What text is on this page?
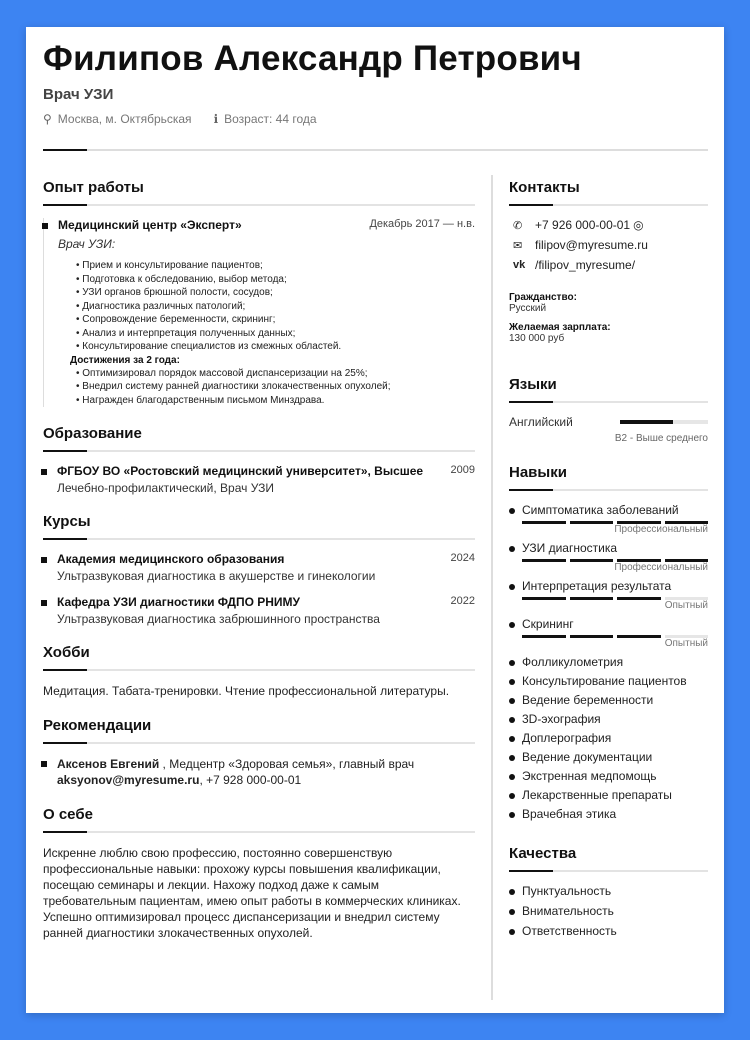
Филипов Александр Петрович
Врач УЗИ
⚲ Москва, м. Октябрьская ℹ Возраст: 44 года
Опыт работы
Медицинский центр «Эксперт»	Декабрь 2017 — н.в.
Врач УЗИ:
• Прием и консультирование пациентов;
• Подготовка к обследованию, выбор метода;
• УЗИ органов брюшной полости, сосудов;
• Диагностика различных патологий;
• Сопровождение беременности, скрининг;
• Анализ и интерпретация полученных данных;
• Консультирование специалистов из смежных областей.
Достижения за 2 года:
• Оптимизировал порядок массовой диспансеризации на 25%;
• Внедрил систему ранней диагностики злокачественных опухолей;
• Награжден благодарственным письмом Минздрава.
Образование
ФГБОУ ВО «Ростовский медицинский университет», Высшее 2009
Лечебно-профилактический, Врач УЗИ
Курсы
Академия медицинского образования	2024
Ультразвуковая диагностика в акушерстве и гинекологии
Кафедра УЗИ диагностики ФДПО РНИМУ	2022
Ультразвуковая диагностика забрюшинного пространства
Хобби
Медитация. Табата-тренировки. Чтение профессиональной литературы.
Рекомендации
Аксенов Евгений , Медцентр «Здоровая семья», главный врач
aksyonov@myresume.ru, +7 928 000-00-01
О себе
Искренне люблю свою профессию, постоянно совершенствую профессиональные навыки: прохожу курсы повышения квалификации, посещаю семинары и лекции. Нахожу подход даже к самым требовательным пациентам, имею опыт работы в коммерческих клиниках. Успешно оптимизировал процесс диспансеризации и внедрил систему ранней диагностики злокачественных опухолей.
Контакты
✆	+7 926 000-00-01 ◎
✉	filipov@myresume.ru
vk /filipov_myresume/
Гражданство:
Русский
Желаемая зарплата:
130 000 руб
Языки
Английский
B2 - Выше среднего
Навыки
Симптоматика заболеваний
Профессиональный
УЗИ диагностика
Профессиональный
Интерпретация результата
Опытный
Скрининг
Опытный
Фолликулометрия
Консультирование пациентов
Ведение беременности
3D-эхография
Доплерография
Ведение документации
Экстренная медпомощь
Лекарственные препараты
Врачебная этика
Качества
Пунктуальность
Внимательность
Ответственность
